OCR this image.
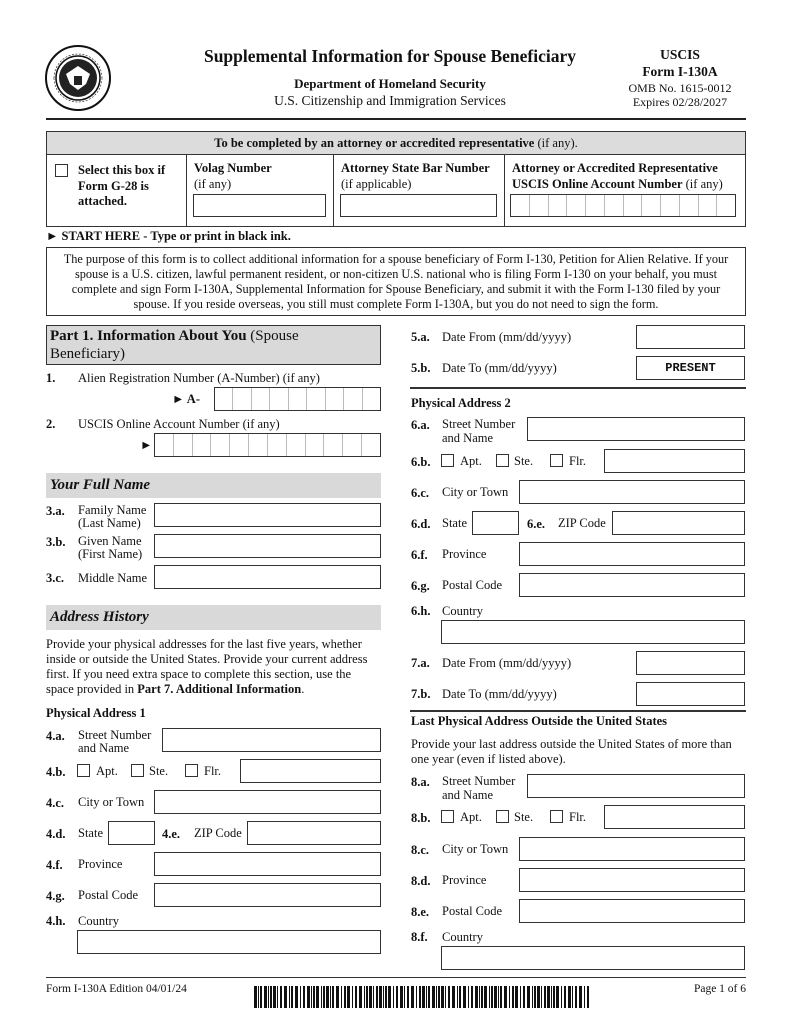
Supplemental Information for Spouse Beneficiary
Department of Homeland Security
U.S. Citizenship and Immigration Services
USCIS
Form I-130A
OMB No. 1615-0012
Expires 02/28/2027
To be completed by an attorney or accredited representative (if any).
Select this box if Form G-28 is attached.
Volag Number
(if any)
Attorney State Bar Number
(if applicable)
Attorney or Accredited Representative
USCIS Online Account Number (if any)
► START HERE - Type or print in black ink.
The purpose of this form is to collect additional information for a spouse beneficiary of Form I-130, Petition for Alien Relative. If your spouse is a U.S. citizen, lawful permanent resident, or non-citizen U.S. national who is filing Form I-130 on your behalf, you must complete and sign Form I-130A, Supplemental Information for Spouse Beneficiary, and submit it with the Form I-130 filed by your spouse. If you reside overseas, you still must complete Form I-130A, but you do not need to sign the form.
Part 1. Information About You (Spouse Beneficiary)
1. Alien Registration Number (A-Number) (if any)
► A-
2. USCIS Online Account Number (if any)
►
Your Full Name
3.a. Family Name
(Last Name)
3.b. Given Name
(First Name)
3.c. Middle Name
Address History
Provide your physical addresses for the last five years, whether inside or outside the United States. Provide your current address first. If you need extra space to complete this section, use the space provided in Part 7. Additional Information.
Physical Address 1
4.a. Street Number
and Name
4.b. Apt. Ste.	Flr.
4.c. City or Town
4.d. State	4.e. ZIP Code
4.f. Province
4.g. Postal Code
4.h. Country
5.a. Date From (mm/dd/yyyy)
5.b. Date To (mm/dd/yyyy)	PRESENT
Physical Address 2
6.a. Street Number
and Name
6.b. Apt.	Ste.	Flr.
6.c. City or Town
6.d. State	6.e. ZIP Code
6.f. Province
6.g. Postal Code
6.h. Country
7.a. Date From (mm/dd/yyyy)
7.b. Date To (mm/dd/yyyy)
Last Physical Address Outside the United States
Provide your last address outside the United States of more than one year (even if listed above).
8.a. Street Number
and Name
8.b. Apt.	Ste.	Flr.
8.c. City or Town
8.d. Province
8.e. Postal Code
8.f. Country
Form I-130A Edition 04/01/24	Page 1 of 6
